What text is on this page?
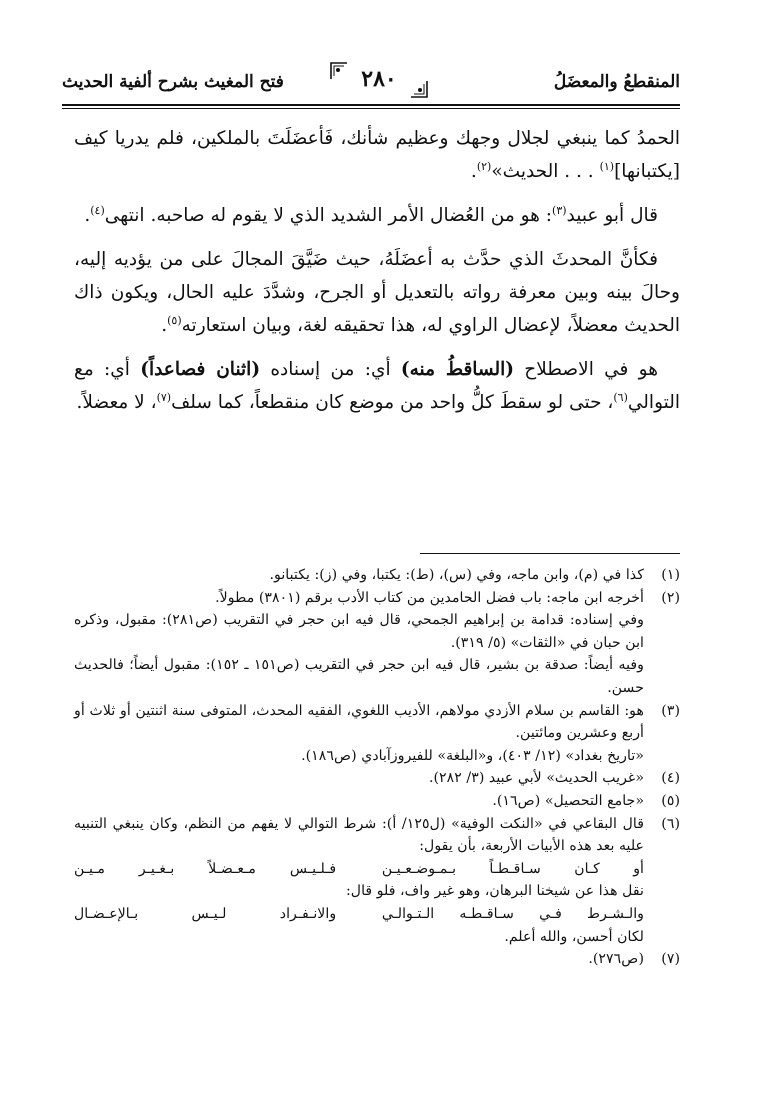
المنقطعُ والمعضَلُ
٢٨٠
فتح المغيث بشرح ألفية الحديث

الحمدُ كما ينبغي لجلال وجهك وعظيم شأنك، فَأعضَلَتَ بالملكين، فلم يدريا كيف [يكتبانها]$^{(١)}$ . . . الحديث»$^{(٢)}$.

قال أبو عبيد$^{(٣)}$: هو من العُضال الأمر الشديد الذي لا يقوم له صاحبه. انتهى$^{(٤)}$.

فكأنَّ المحدثَ الذي حدَّث به أعضَلَهُ، حيث ضَيَّقَ المجالَ على من يؤديه إليه، وحالَ بينه وبين معرفة رواته بالتعديل أو الجرح، وشدَّدَ عليه الحال، ويكون ذاك الحديث معضلاً، لإعضال الراوي له، هذا تحقيقه لغة، وبيان استعارته$^{(٥)}$.

هو في الاصطلاح (الساقطُ منه) أي: من إسناده (اثنان فصاعداً) أي: مع التوالي$^{(٦)}$، حتى لو سقطَ كلُّ واحد من موضع كان منقطعاً، كما سلف$^{(٧)}$، لا معضلاً.

(١)

كذا في (م)، وابن ماجه، وفي (س)، (ط): يكتبا، وفي (ز): يكتبانو.

(٢)

أخرجه ابن ماجه: باب فضل الحامدين من كتاب الأدب برقم (٣٨٠١) مطولاً.

وفي إسناده: قدامة بن إبراهيم الجمحي، قال فيه ابن حجر في التقريب (ص٢٨١): مقبول، وذكره ابن حبان في «الثقات» (٥/ ٣١٩).

وفيه أيضاً: صدقة بن بشير، قال فيه ابن حجر في التقريب (ص١٥١ ـ ١٥٢): مقبول أيضاً؛ فالحديث حسن.

(٣)

هو: القاسم بن سلام الأزدي مولاهم، الأديب اللغوي، الفقيه المحدث، المتوفى سنة اثنتين أو ثلاث أو أربع وعشرين ومائتين.

«تاريخ بغداد» (١٢/ ٤٠٣)، و«البلغة» للفيروزآبادي (ص١٨٦).

(٤)

«غريب الحديث» لأبي عبيد (٣/ ٢٨٢).

(٥)

«جامع التحصيل» (ص١٦).

(٦)

قال البقاعي في «النكت الوفية» (ل١٢٥/ أ): شرط التوالي لا يفهم من النظم، وكان ينبغي التنبيه عليه بعد هذه الأبيات الأربعة، بأن يقول:

أو كـان سـاقـطـاً بـمـوضـعـيـن
فـلـيـس مـعـضـلاً بـغـيـر مـيـن

نقل هذا عن شيخنا البرهان، وهو غير واف، فلو قال:

والـشـرط فـي سـاقـطـه الـتـوالـي
والانـفـراد لـيـس بـالإعـضـال

لكان أحسن، والله أعلم.

(٧)

(ص٢٧٦).
